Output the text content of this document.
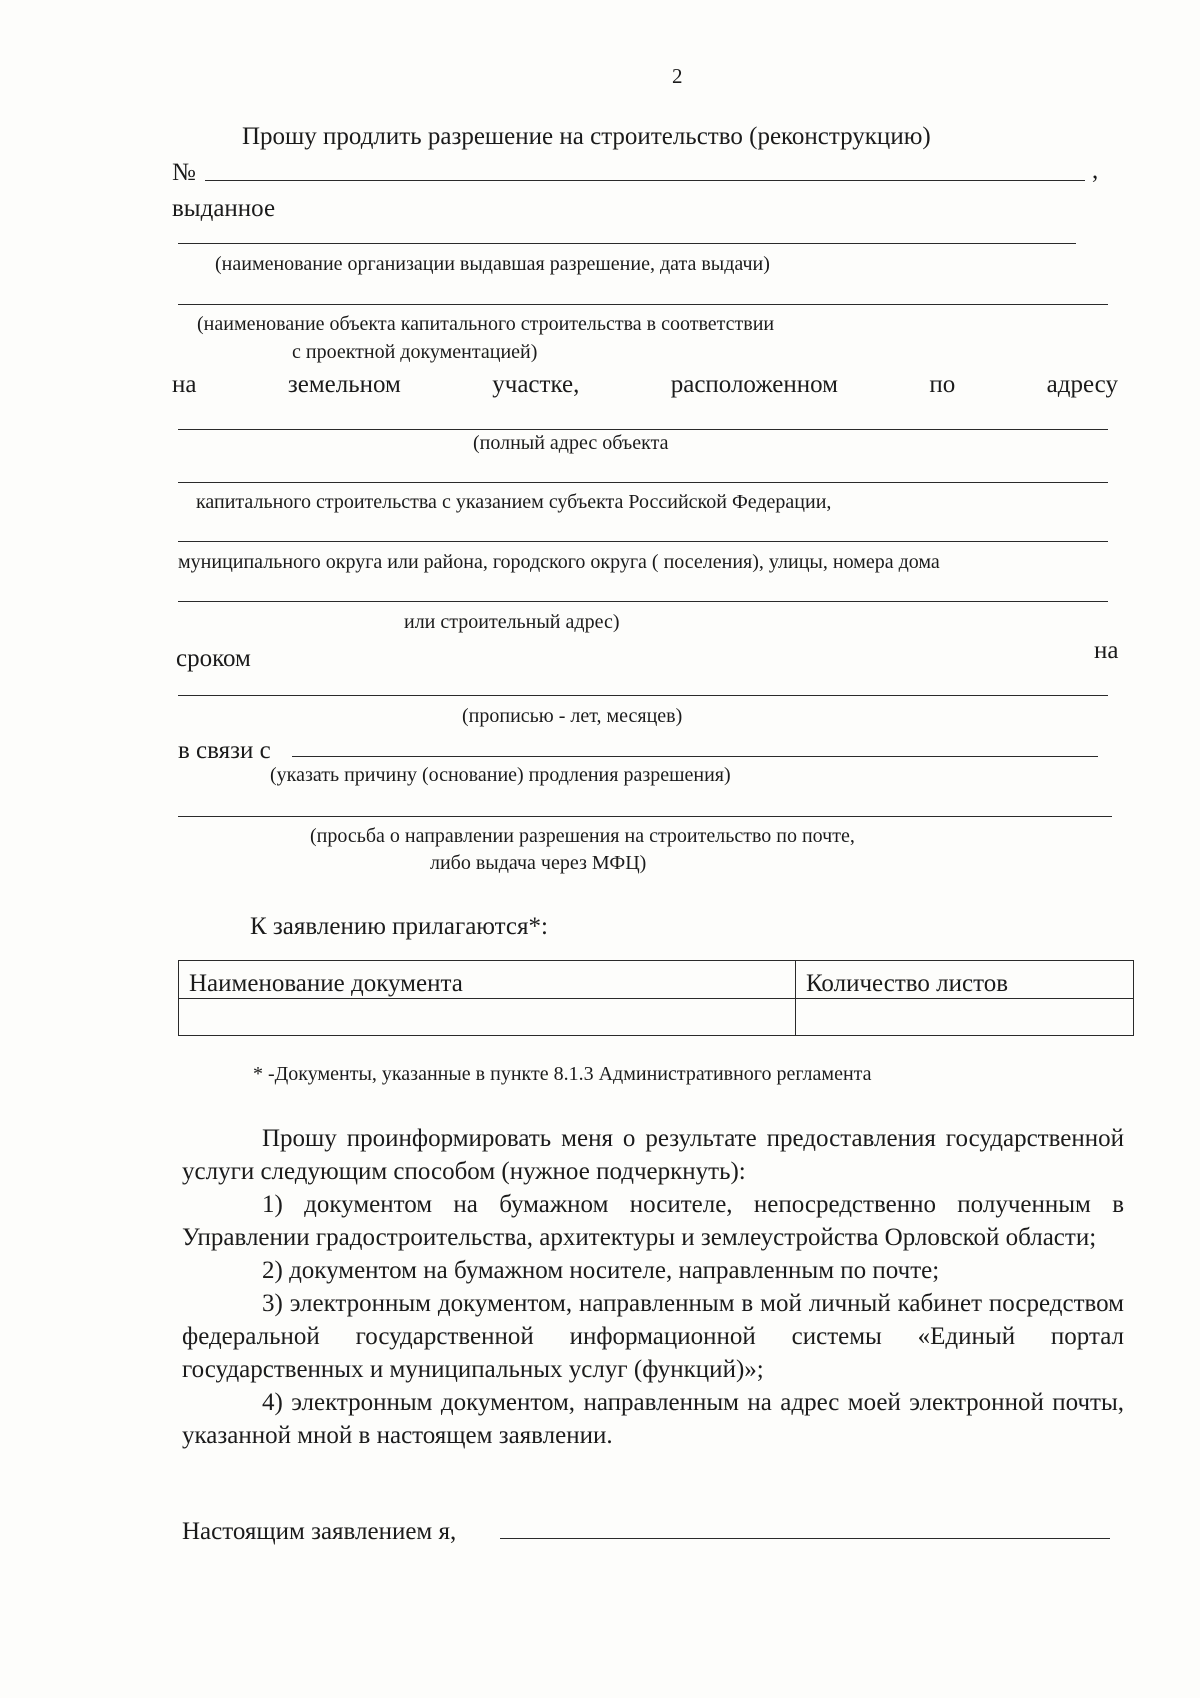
2
Прошу продлить разрешение на строительство (реконструкцию)
№	,
выданное
(наименование организации выдавшая разрешение, дата выдачи)
(наименование объекта капитального строительства в соответствии
с проектной документацией)
на	земельном	участке,	расположенном	по	адресу
(полный адрес объекта
капитального строительства с указанием субъекта Российской Федерации,
муниципального округа или района, городского округа ( поселения), улицы, номера дома
или строительный адрес)
сроком	на
(прописью - лет, месяцев)
в связи с
(указать причину (основание) продления разрешения)
(просьба о направлении разрешения на строительство по почте,
либо выдача через МФЦ)
К заявлению прилагаются*:
Наименование документа	Количество листов

* -Документы, указанные в пункте 8.1.3 Административного регламента

Прошу проинформировать меня о результате предоставления государственной услуги следующим способом (нужное подчеркнуть):

1) документом на бумажном носителе, непосредственно полученным в Управлении градостроительства, архитектуры и землеустройства Орловской области;

2) документом на бумажном носителе, направленным по почте;

3) электронным документом, направленным в мой личный кабинет посредством федеральной государственной информационной системы «Единый портал государственных и муниципальных услуг (функций)»;

4) электронным документом, направленным на адрес моей электронной почты, указанной мной в настоящем заявлении.

Настоящим заявлением я,
